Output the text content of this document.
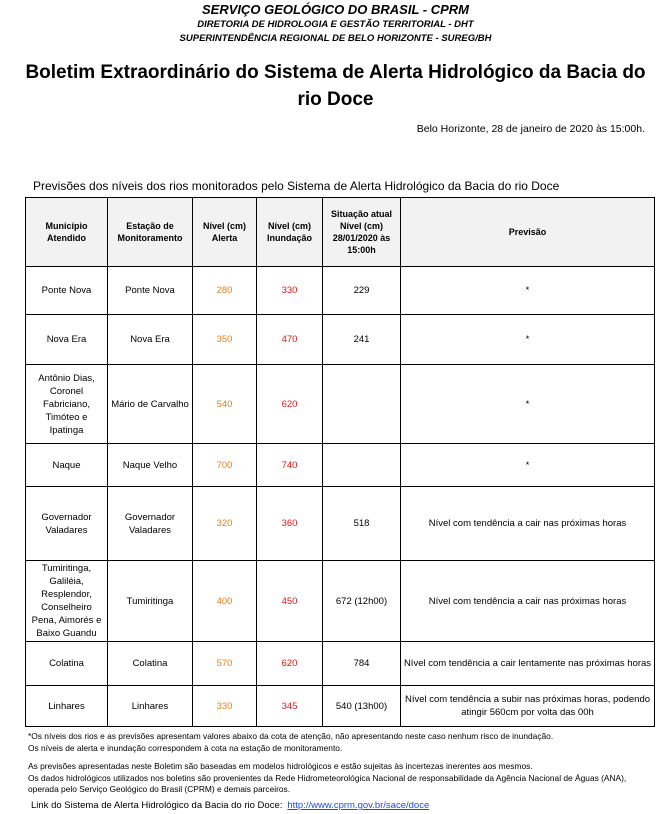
SERVIÇO GEOLÓGICO DO BRASIL - CPRM
DIRETORIA DE HIDROLOGIA E GESTÃO TERRITORIAL - DHT
SUPERINTENDÊNCIA REGIONAL DE BELO HORIZONTE - SUREG/BH
Boletim Extraordinário do Sistema de Alerta Hidrológico da Bacia do rio Doce
Belo Horizonte, 28 de janeiro de 2020 às 15:00h.
Previsões dos níveis dos rios monitorados pelo Sistema de Alerta Hidrológico da Bacia do rio Doce
Município Atendido	Estação de Monitoramento	Nível (cm) Alerta	Nível (cm) Inundação	Situação atual Nível (cm) 28/01/2020 às 15:00h	Previsão
Ponte Nova	Ponte Nova	280	330	229	*
Nova Era	Nova Era	350	470	241	*
Antônio Dias, Coronel Fabriciano, Timóteo e Ipatinga	Mário de Carvalho	540	620		*
Naque	Naque Velho	700	740		*
Governador Valadares	Governador Valadares	320	360	518	Nível com tendência a cair nas próximas horas
Tumiritinga, Galiléia, Resplendor, Conselheiro Pena, Aimorés e Baixo Guandu	Tumiritinga	400	450	672 (12h00)	Nível com tendência a cair nas próximas horas
Colatina	Colatina	570	620	784	Nível com tendência a cair lentamente nas próximas horas
Linhares	Linhares	330	345	540 (13h00)	Nível com tendência a subir nas próximas horas, podendo atingir 560cm por volta das 00h

*Os níveis dos rios e as previsões apresentam valores abaixo da cota de atenção, não apresentando neste caso nenhum risco de inundação.

Os níveis de alerta e inundação correspondem à cota na estação de monitoramento.

As previsões apresentadas neste Boletim são baseadas em modelos hidrológicos e estão sujeitas às incertezas inerentes aos mesmos.

Os dados hidrológicos utilizados nos boletins são provenientes da Rede Hidrometeorológica Nacional de responsabilidade da Agência Nacional de Águas (ANA),

operada pelo Serviço Geológico do Brasil (CPRM) e demais parceiros.

Link do Sistema de Alerta Hidrológico da Bacia do rio Doce: http://www.cprm.gov.br/sace/doce
